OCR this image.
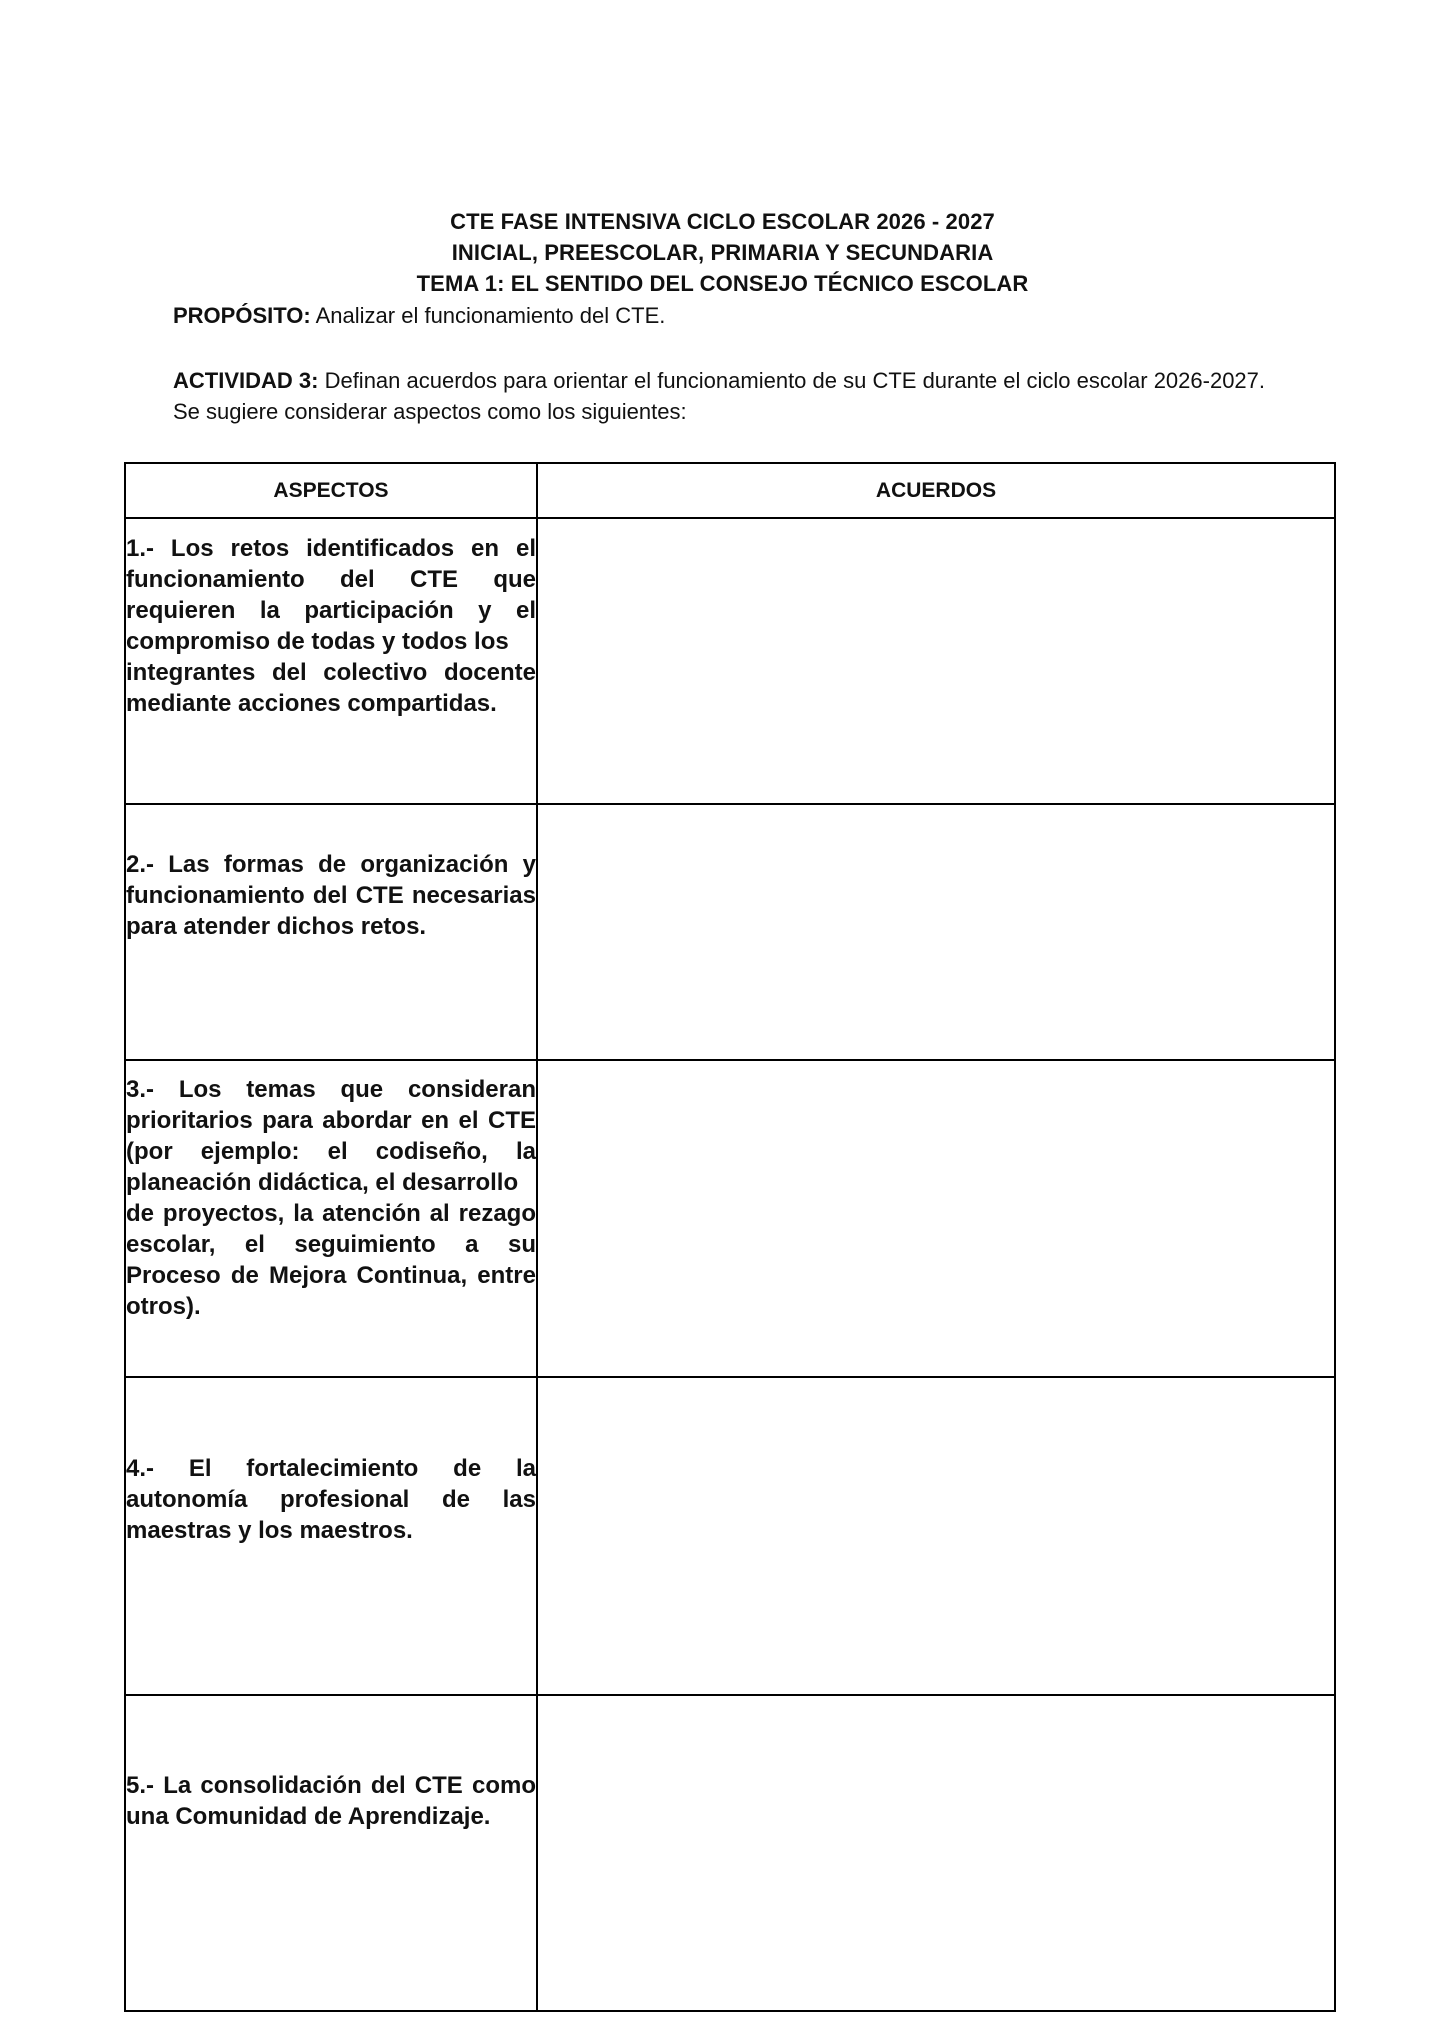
CTE FASE INTENSIVA CICLO ESCOLAR 2026 - 2027
INICIAL, PREESCOLAR, PRIMARIA Y SECUNDARIA
TEMA 1: EL SENTIDO DEL CONSEJO TÉCNICO ESCOLAR
PROPÓSITO: Analizar el funcionamiento del CTE.
ACTIVIDAD 3: Definan acuerdos para orientar el funcionamiento de su CTE durante el ciclo escolar 2026-2027. Se sugiere considerar aspectos como los siguientes:
ASPECTOS	ACUERDOS

1.- Los retos identificados en el funcionamiento del CTE que requieren la participación y el compromiso de todas y todos los
integrantes del colectivo docente mediante acciones compartidas.	

2.- Las formas de organización y funcionamiento del CTE necesarias para atender dichos retos.	

3.- Los temas que consideran prioritarios para abordar en el CTE (por ejemplo: el codiseño, la planeación didáctica, el desarrollo
de proyectos, la atención al rezago escolar, el seguimiento a su Proceso de Mejora Continua, entre otros).	

4.- El fortalecimiento de la autonomía profesional de las maestras y los maestros.	

5.- La consolidación del CTE como una Comunidad de Aprendizaje.	
